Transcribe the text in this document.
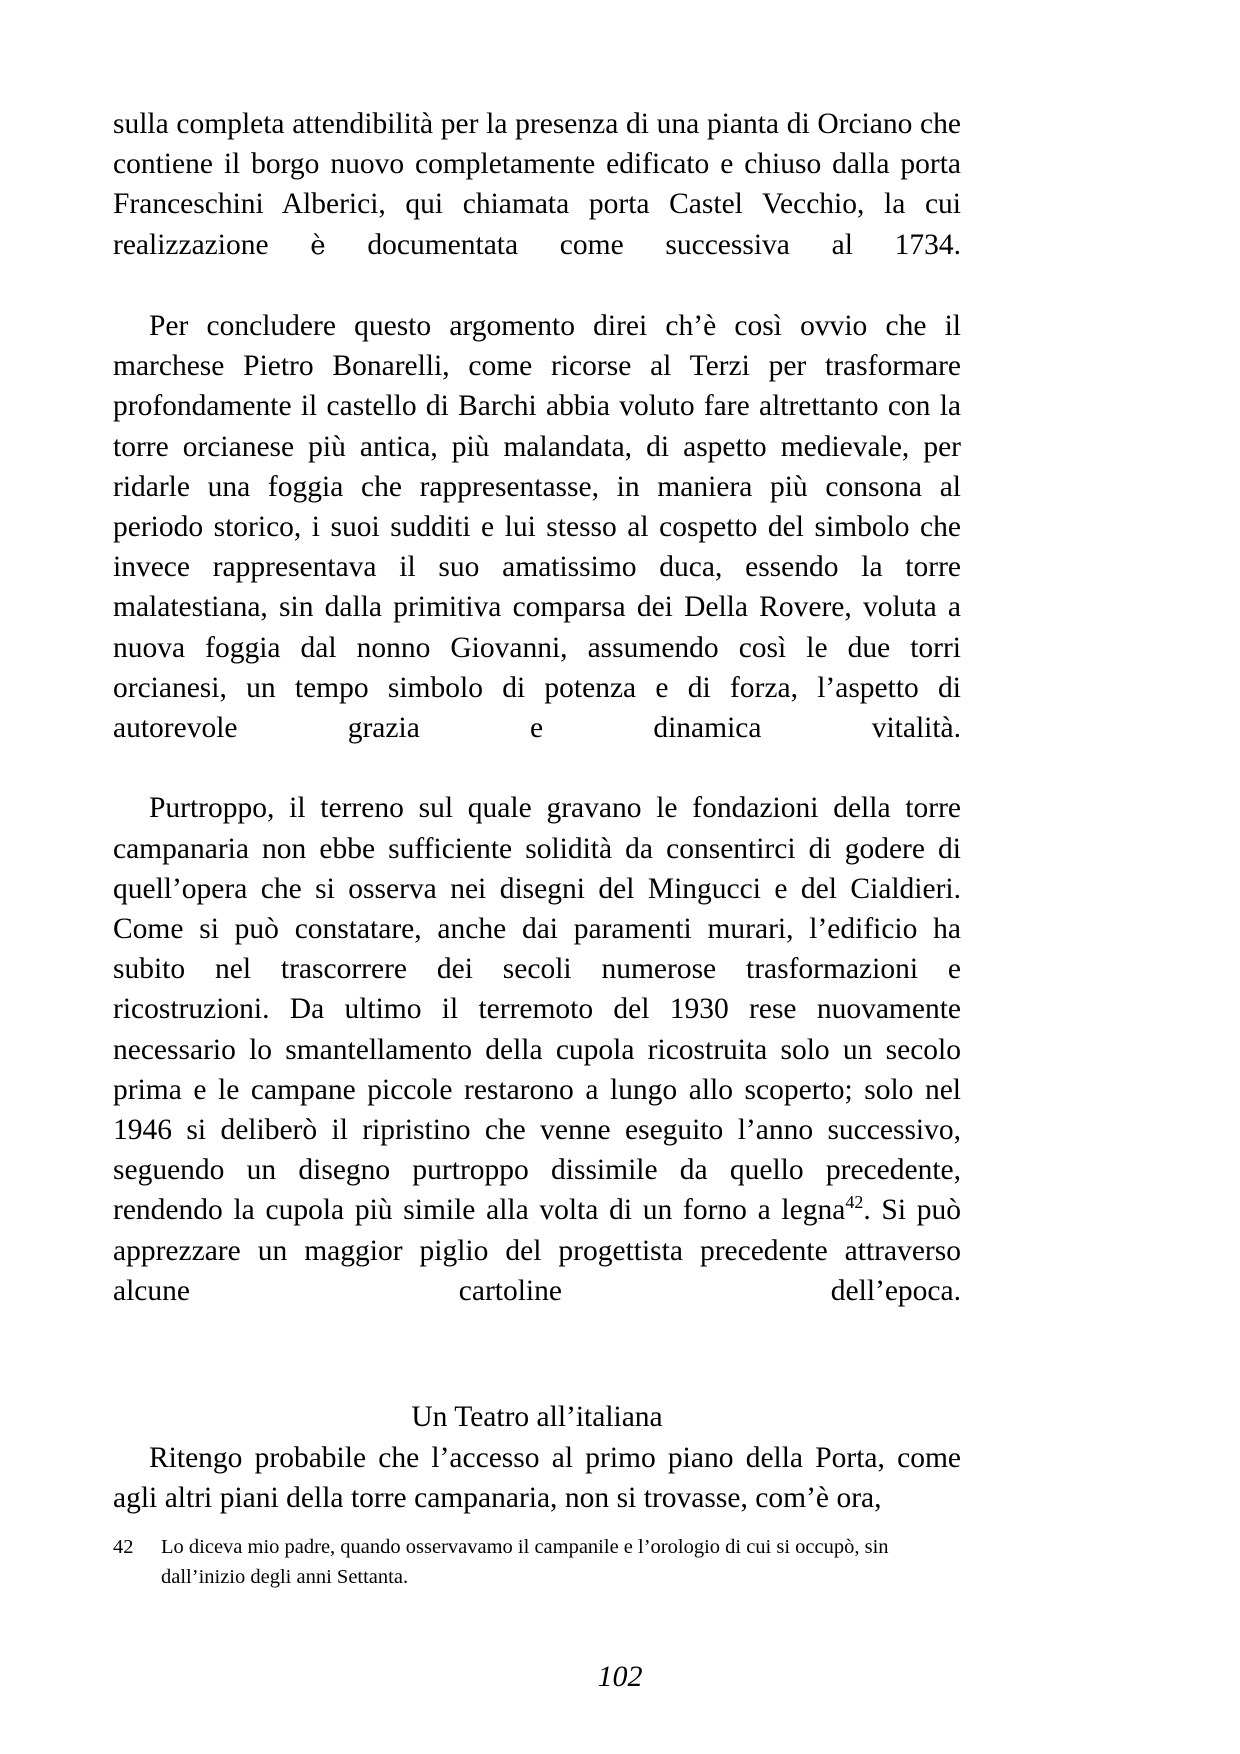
sulla completa attendibilità per la presenza di una pianta di Orciano che contiene il borgo nuovo completamente edificato e chiuso dalla porta Franceschini Alberici, qui chiamata porta Castel Vecchio, la cui realizzazione è documentata come successiva al 1734.

Per concludere questo argomento direi ch’è così ovvio che il marchese Pietro Bonarelli, come ricorse al Terzi per trasformare profondamente il castello di Barchi abbia voluto fare altrettanto con la torre orcianese più antica, più malandata, di aspetto medievale, per ridarle una foggia che rappresentasse, in maniera più consona al periodo storico, i suoi sudditi e lui stesso al cospetto del simbolo che invece rappresentava il suo amatissimo duca, essendo la torre malatestiana, sin dalla primitiva comparsa dei Della Rovere, voluta a nuova foggia dal nonno Giovanni, assumendo così le due torri orcianesi, un tempo simbolo di potenza e di forza, l’aspetto di autorevole grazia e dinamica vitalità.

Purtroppo, il terreno sul quale gravano le fondazioni della torre campanaria non ebbe sufficiente solidità da consentirci di godere di quell’opera che si osserva nei disegni del Mingucci e del Cialdieri. Come si può constatare, anche dai paramenti murari, l’edificio ha subito nel trascorrere dei secoli numerose trasformazioni e ricostruzioni. Da ultimo il terremoto del 1930 rese nuovamente necessario lo smantellamento della cupola ricostruita solo un secolo prima e le campane piccole restarono a lungo allo scoperto; solo nel 1946 si deliberò il ripristino che venne eseguito l’anno successivo, seguendo un disegno purtroppo dissimile da quello precedente, rendendo la cupola più simile alla volta di un forno a legna$^{42}$. Si può apprezzare un maggior piglio del progettista precedente attraverso alcune cartoline dell’epoca.

Un Teatro all’italiana

Ritengo probabile che l’accesso al primo piano della Porta, come agli altri piani della torre campanaria, non si trovasse, com’è ora,

42 Lo diceva mio padre, quando osservavamo il campanile e l’orologio di cui si occupò, sin dall’inizio degli anni Settanta.
102
